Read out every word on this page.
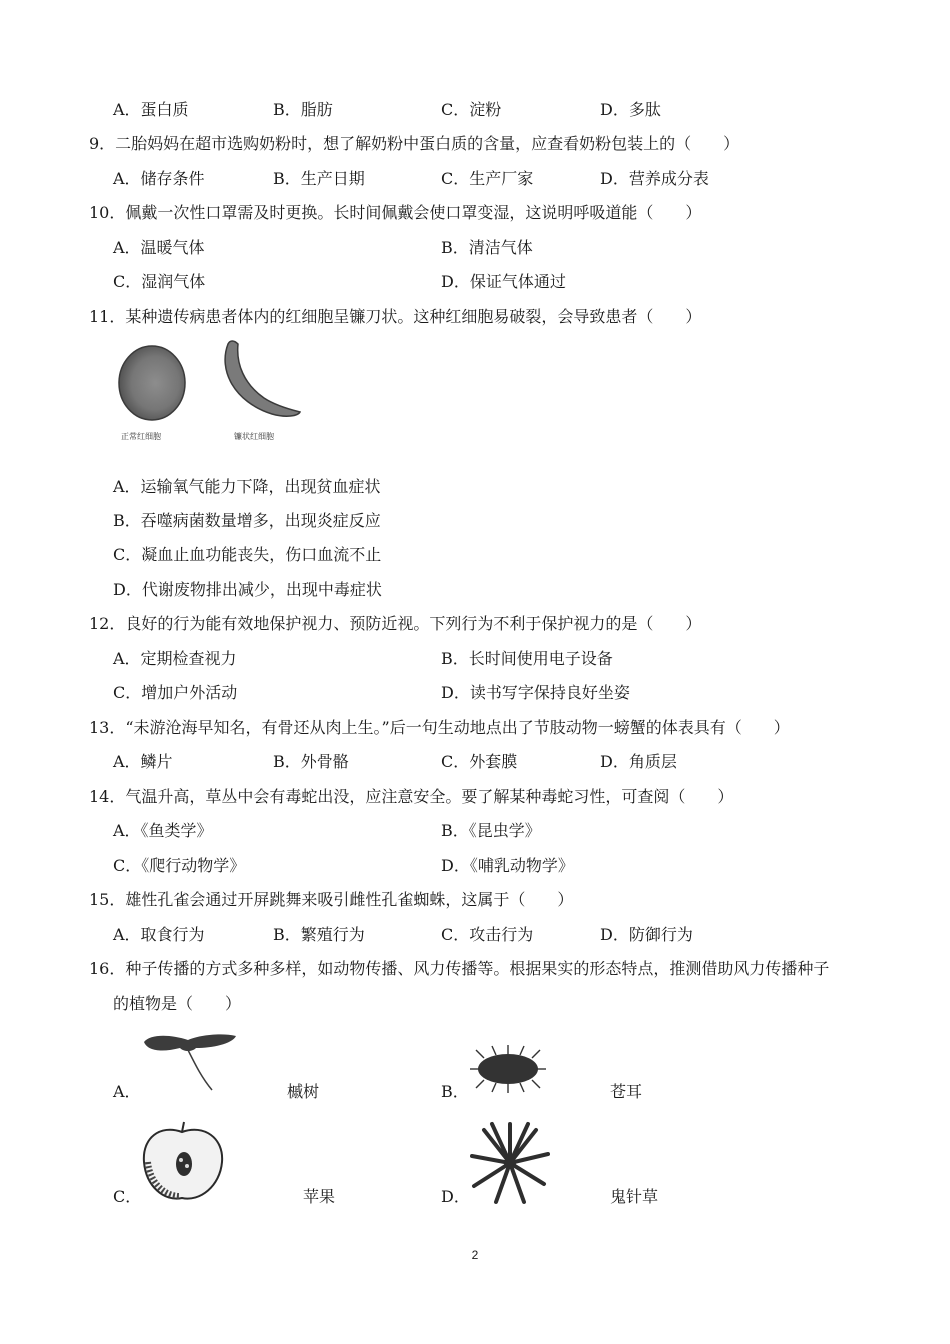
A．蛋白质	B．脂肪	C．淀粉	D．多肽
9．二胎妈妈在超市选购奶粉时，想了解奶粉中蛋白质的含量，应查看奶粉包装上的（　　）
A．储存条件	B．生产日期	C．生产厂家	D．营养成分表
10．佩戴一次性口罩需及时更换。长时间佩戴会使口罩变湿，这说明呼吸道能（　　）
A．温暖气体	B．清洁气体
C．湿润气体	D．保证气体通过
11．某种遗传病患者体内的红细胞呈镰刀状。这种红细胞易破裂，会导致患者（　　）
正常红细胞	镰状红细胞
A．运输氧气能力下降，出现贫血症状
B．吞噬病菌数量增多，出现炎症反应
C．凝血止血功能丧失，伤口血流不止
D．代谢废物排出减少，出现中毒症状
12．良好的行为能有效地保护视力、预防近视。下列行为不利于保护视力的是（　　）
A．定期检查视力	B．长时间使用电子设备
C．增加户外活动	D．读书写字保持良好坐姿
13．“未游沧海早知名，有骨还从肉上生。”后一句生动地点出了节肢动物一螃蟹的体表具有（　　）
A．鳞片	B．外骨骼	C．外套膜	D．角质层
14．气温升高，草丛中会有毒蛇出没，应注意安全。要了解某种毒蛇习性，可查阅（　　）
A．《鱼类学》	B．《昆虫学》
C．《爬行动物学》	D．《哺乳动物学》
15．雄性孔雀会通过开屏跳舞来吸引雌性孔雀蜘蛛，这属于（　　）
A．取食行为	B．繁殖行为	C．攻击行为	D．防御行为
16．种子传播的方式多种多样，如动物传播、风力传播等。根据果实的形态特点，推测借助风力传播种子
的植物是（　　）
A．	槭树	B．	苍耳
C．	苹果	D．	鬼针草
2
